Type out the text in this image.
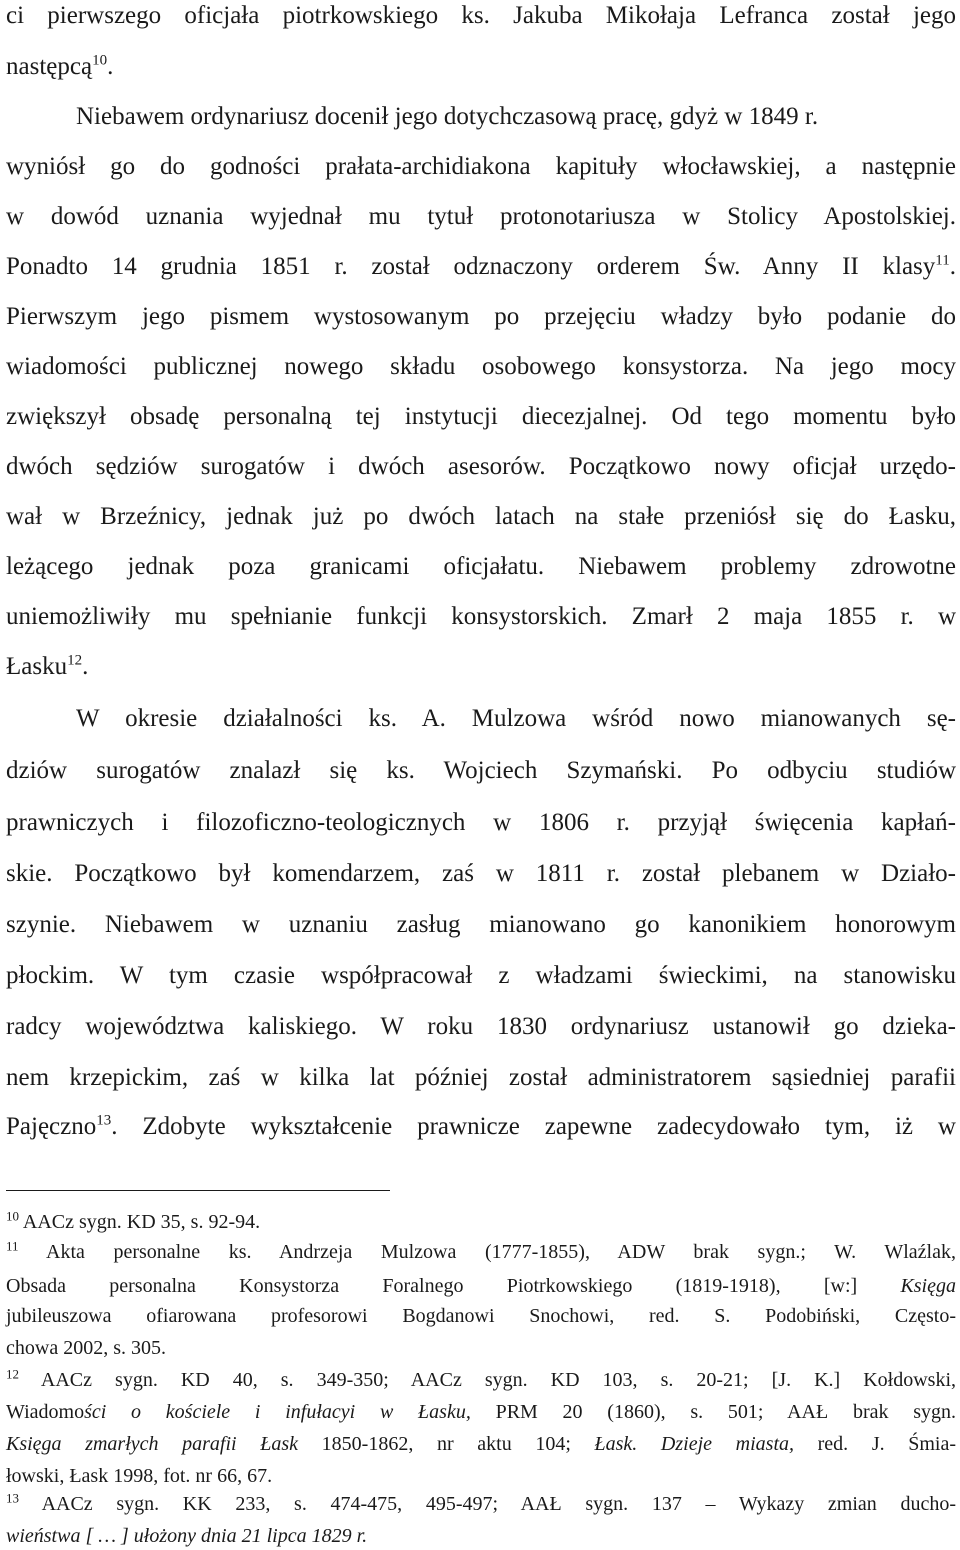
ci pierwszego oficjała piotrkowskiego ks. Jakuba Mikołaja Lefranca został jego
następcą$^{10}$.
Niebawem ordynariusz docenił jego dotychczasową pracę, gdyż w 1849 r.
wyniósł go do godności prałata-archidiakona kapituły włocławskiej, a następnie
w dowód uznania wyjednał mu tytuł protonotariusza w Stolicy Apostolskiej.
Ponadto 14 grudnia 1851 r. został odznaczony orderem Św. Anny II klasy$^{11}$.
Pierwszym jego pismem wystosowanym po przejęciu władzy było podanie do
wiadomości publicznej nowego składu osobowego konsystorza. Na jego mocy
zwiększył obsadę personalną tej instytucji diecezjalnej. Od tego momentu było
dwóch sędziów surogatów i dwóch asesorów. Początkowo nowy oficjał urzędo-
wał w Brzeźnicy, jednak już po dwóch latach na stałe przeniósł się do Łasku,
leżącego jednak poza granicami oficjałatu. Niebawem problemy zdrowotne
uniemożliwiły mu spełnianie funkcji konsystorskich. Zmarł 2 maja 1855 r. w
Łasku$^{12}$.
W okresie działalności ks. A. Mulzowa wśród nowo mianowanych sę-
dziów surogatów znalazł się ks. Wojciech Szymański. Po odbyciu studiów
prawniczych i filozoficzno-teologicznych w 1806 r. przyjął święcenia kapłań-
skie. Początkowo był komendarzem, zaś w 1811 r. został plebanem w Działo-
szynie. Niebawem w uznaniu zasług mianowano go kanonikiem honorowym
płockim. W tym czasie współpracował z władzami świeckimi, na stanowisku
radcy województwa kaliskiego. W roku 1830 ordynariusz ustanowił go dzieka-
nem krzepickim, zaś w kilka lat później został administratorem sąsiedniej parafii
Pajęczno$^{13}$. Zdobyte wykształcenie prawnicze zapewne zadecydowało tym, iż w
$^{10}$ AACz sygn. KD 35, s. 92-94.
$^{11}$ Akta personalne ks. Andrzeja Mulzowa (1777-1855), ADW brak sygn.; W. Wlaźlak,
Obsada personalna Konsystorza Foralnego Piotrkowskiego (1819-1918), [w:] Księga
jubileuszowa ofiarowana profesorowi Bogdanowi Snochowi, red. S. Podobiński, Często-
chowa 2002, s. 305.
$^{12}$ AACz sygn. KD 40, s. 349-350; AACz sygn. KD 103, s. 20-21; [J. K.] Kołdowski,
Wiadomości o kościele i infułacyi w Łasku, PRM 20 (1860), s. 501; AAŁ brak sygn.
Księga zmarłych parafii Łask 1850-1862, nr aktu 104; Łask. Dzieje miasta, red. J. Śmia-
łowski, Łask 1998, fot. nr 66, 67.
$^{13}$ AACz sygn. KK 233, s. 474-475, 495-497; AAŁ sygn. 137 – Wykazy zmian ducho-
wieństwa [ … ] ułożony dnia 21 lipca 1829 r.
